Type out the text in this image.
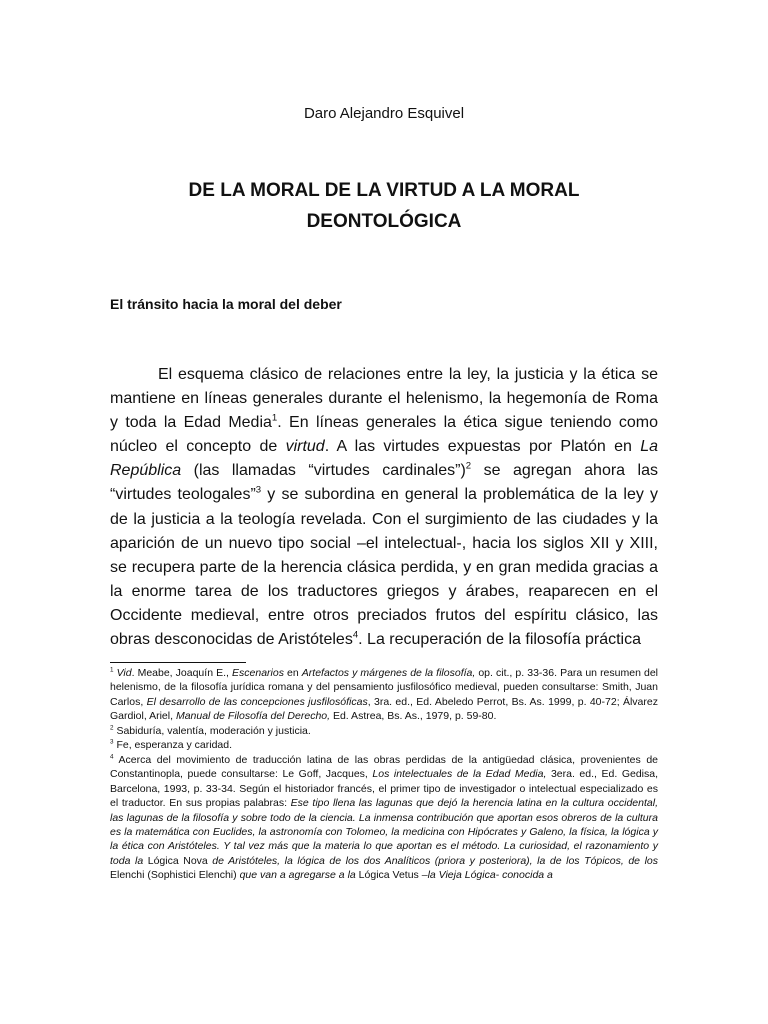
Daro Alejandro Esquivel
DE LA MORAL DE LA VIRTUD A LA MORAL
DEONTOLÓGICA
El tránsito hacia la moral del deber

El esquema clásico de relaciones entre la ley, la justicia y la ética se mantiene en líneas generales durante el helenismo, la hegemonía de Roma y toda la Edad Media$^1$. En líneas generales la ética sigue teniendo como núcleo el concepto de virtud. A las virtudes expuestas por Platón en La República (las llamadas “virtudes cardinales”)$^2$ se agregan ahora las “virtudes teologales”$^3$ y se subordina en general la problemática de la ley y de la justicia a la teología revelada. Con el surgimiento de las ciudades y la aparición de un nuevo tipo social –el intelectual-, hacia los siglos XII y XIII, se recupera parte de la herencia clásica perdida, y en gran medida gracias a la enorme tarea de los traductores griegos y árabes, reaparecen en el Occidente medieval, entre otros preciados frutos del espíritu clásico, las obras desconocidas de Aristóteles$^4$. La recuperación de la filosofía práctica

$^1$ Vid. Meabe, Joaquín E., Escenarios en Artefactos y márgenes de la filosofía, op. cit., p. 33-36. Para un resumen del helenismo, de la filosofía jurídica romana y del pensamiento jusfilosófico medieval, pueden consultarse: Smith, Juan Carlos, El desarrollo de las concepciones jusfilosóficas, 3ra. ed., Ed. Abeledo Perrot, Bs. As. 1999, p. 40-72; Álvarez Gardiol, Ariel, Manual de Filosofía del Derecho, Ed. Astrea, Bs. As., 1979, p. 59-80.

$^2$ Sabiduría, valentía, moderación y justicia.

$^3$ Fe, esperanza y caridad.

$^4$ Acerca del movimiento de traducción latina de las obras perdidas de la antigüedad clásica, provenientes de Constantinopla, puede consultarse: Le Goff, Jacques, Los intelectuales de la Edad Media, 3era. ed., Ed. Gedisa, Barcelona, 1993, p. 33-34. Según el historiador francés, el primer tipo de investigador o intelectual especializado es el traductor. En sus propias palabras: Ese tipo llena las lagunas que dejó la herencia latina en la cultura occidental, las lagunas de la filosofía y sobre todo de la ciencia. La inmensa contribución que aportan esos obreros de la cultura es la matemática con Euclides, la astronomía con Tolomeo, la medicina con Hipócrates y Galeno, la física, la lógica y la ética con Aristóteles. Y tal vez más que la materia lo que aportan es el método. La curiosidad, el razonamiento y toda la Lógica Nova de Aristóteles, la lógica de los dos Analíticos (priora y posteriora), la de los Tópicos, de los Elenchi (Sophistici Elenchi) que van a agregarse a la Lógica Vetus –la Vieja Lógica- conocida a
